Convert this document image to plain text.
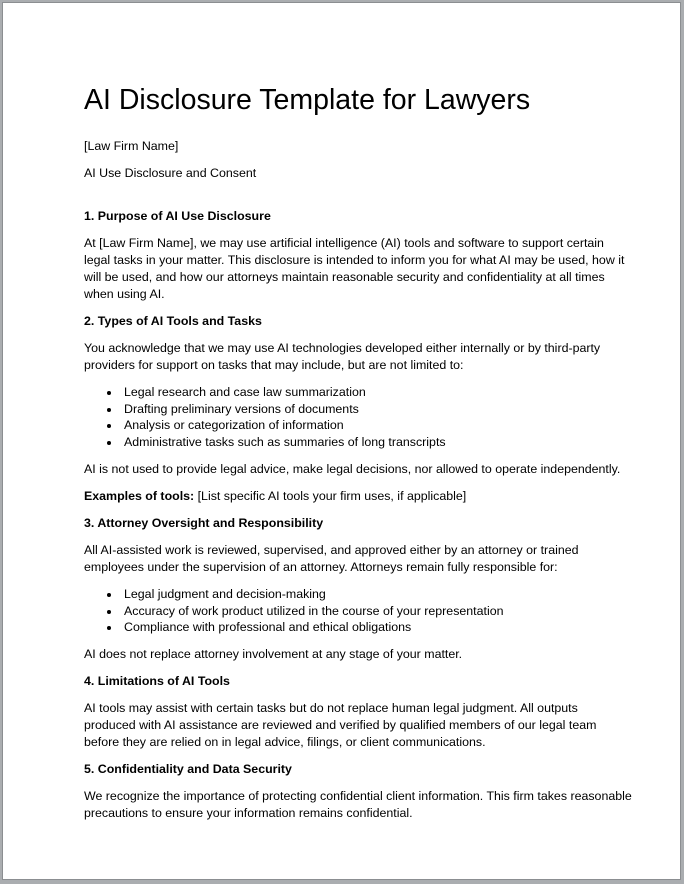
AI Disclosure Template for Lawyers

[Law Firm Name]

AI Use Disclosure and Consent

1. Purpose of AI Use Disclosure

At [Law Firm Name], we may use artificial intelligence (AI) tools and software to support certain legal tasks in your matter. This disclosure is intended to inform you for what AI may be used, how it will be used, and how our attorneys maintain reasonable security and confidentiality at all times when using AI.

2. Types of AI Tools and Tasks

You acknowledge that we may use AI technologies developed either internally or by third-party providers for support on tasks that may include, but are not limited to:

• Legal research and case law summarization
• Drafting preliminary versions of documents
• Analysis or categorization of information
• Administrative tasks such as summaries of long transcripts

AI is not used to provide legal advice, make legal decisions, nor allowed to operate independently.

Examples of tools: [List specific AI tools your firm uses, if applicable]

3. Attorney Oversight and Responsibility

All AI-assisted work is reviewed, supervised, and approved either by an attorney or trained employees under the supervision of an attorney. Attorneys remain fully responsible for:

• Legal judgment and decision-making
• Accuracy of work product utilized in the course of your representation
• Compliance with professional and ethical obligations

AI does not replace attorney involvement at any stage of your matter.

4. Limitations of AI Tools

AI tools may assist with certain tasks but do not replace human legal judgment. All outputs produced with AI assistance are reviewed and verified by qualified members of our legal team before they are relied on in legal advice, filings, or client communications.

5. Confidentiality and Data Security

We recognize the importance of protecting confidential client information. This firm takes reasonable precautions to ensure your information remains confidential.
